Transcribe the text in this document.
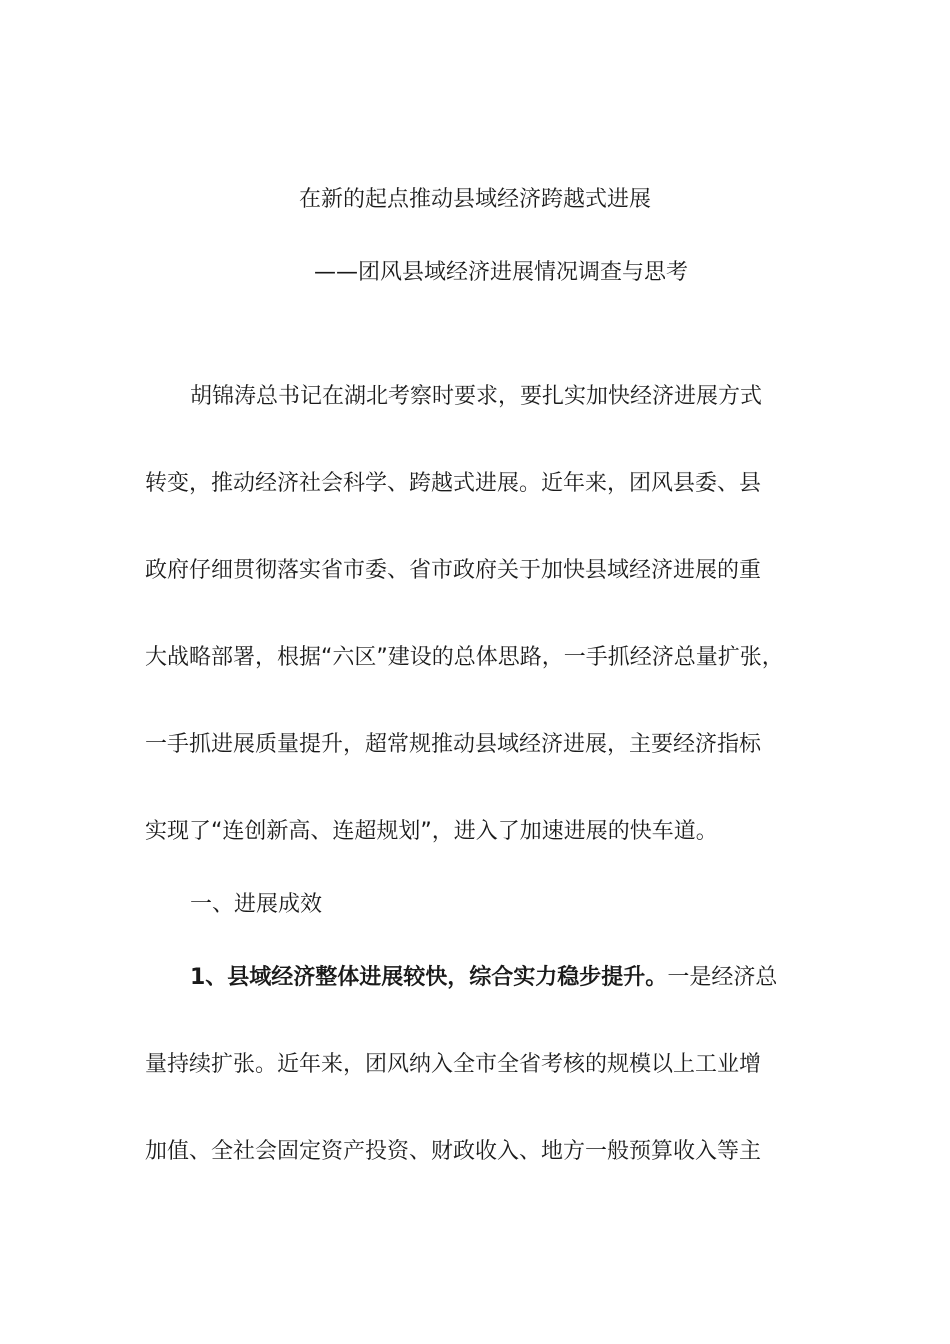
在新的起点推动县域经济跨越式进展
——团风县域经济进展情况调查与思考
胡锦涛总书记在湖北考察时要求，要扎实加快经济进展方式
转变，推动经济社会科学、跨越式进展。近年来，团风县委、县
政府仔细贯彻落实省市委、省市政府关于加快县域经济进展的重
大战略部署，根据“六区”建设的总体思路，一手抓经济总量扩张，
一手抓进展质量提升，超常规推动县域经济进展，主要经济指标
实现了“连创新高、连超规划”，进入了加速进展的快车道。
一、进展成效
1、县域经济整体进展较快，综合实力稳步提升。一是经济总
量持续扩张。近年来，团风纳入全市全省考核的规模以上工业增
加值、全社会固定资产投资、财政收入、地方一般预算收入等主
